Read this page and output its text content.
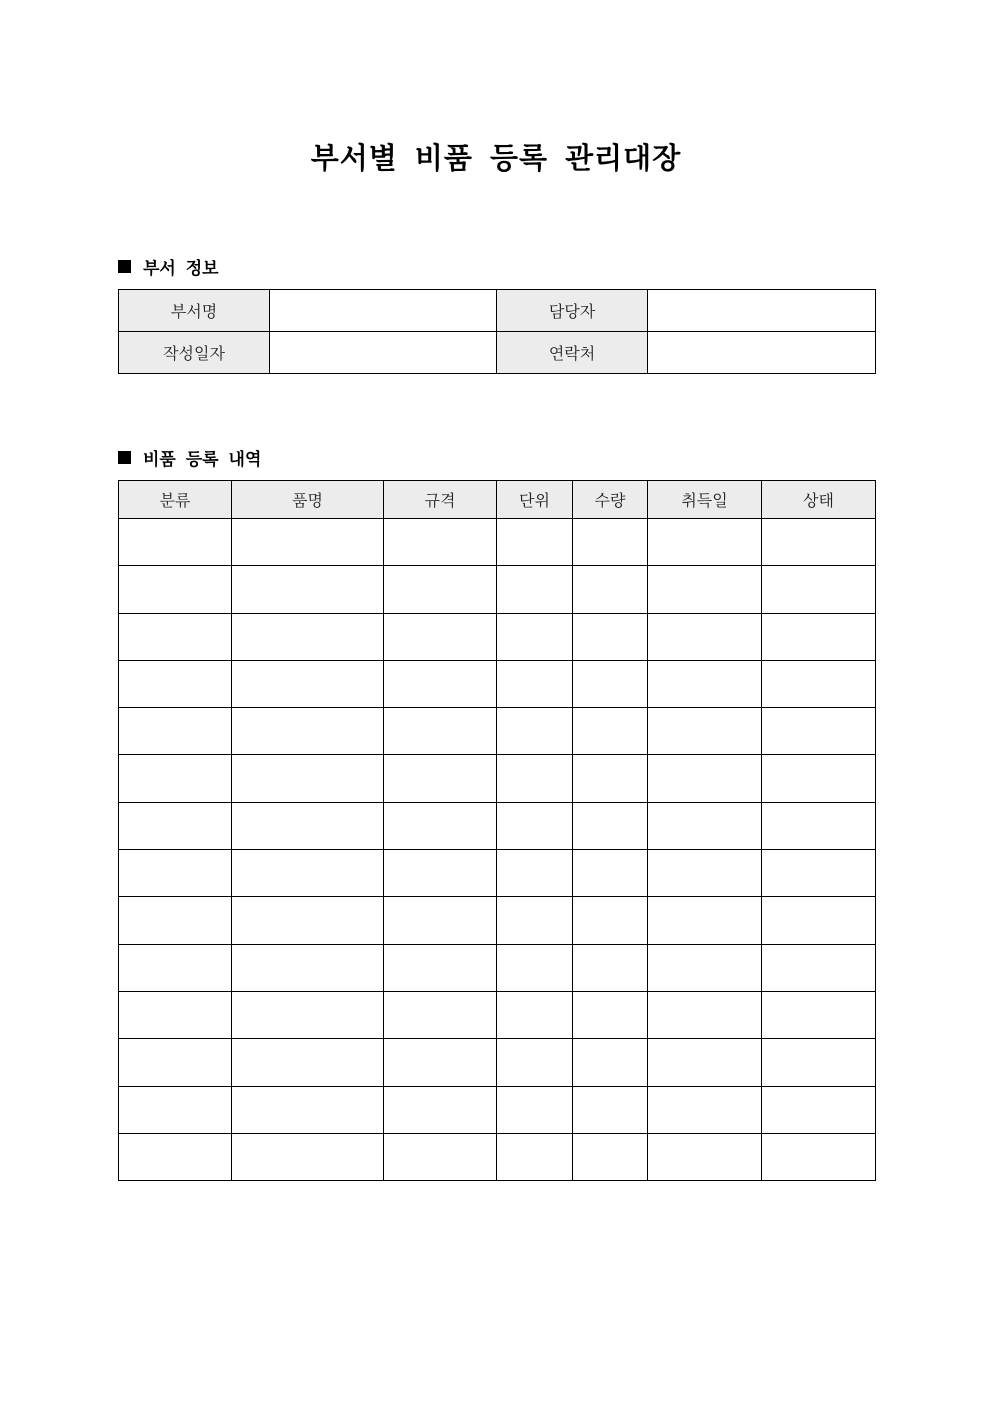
부서별 비품 등록 관리대장
부서 정보
부서명		담당자	
작성일자		연락처	
비품 등록 내역
분류	품명	규격	단위	수량	취득일	상태
